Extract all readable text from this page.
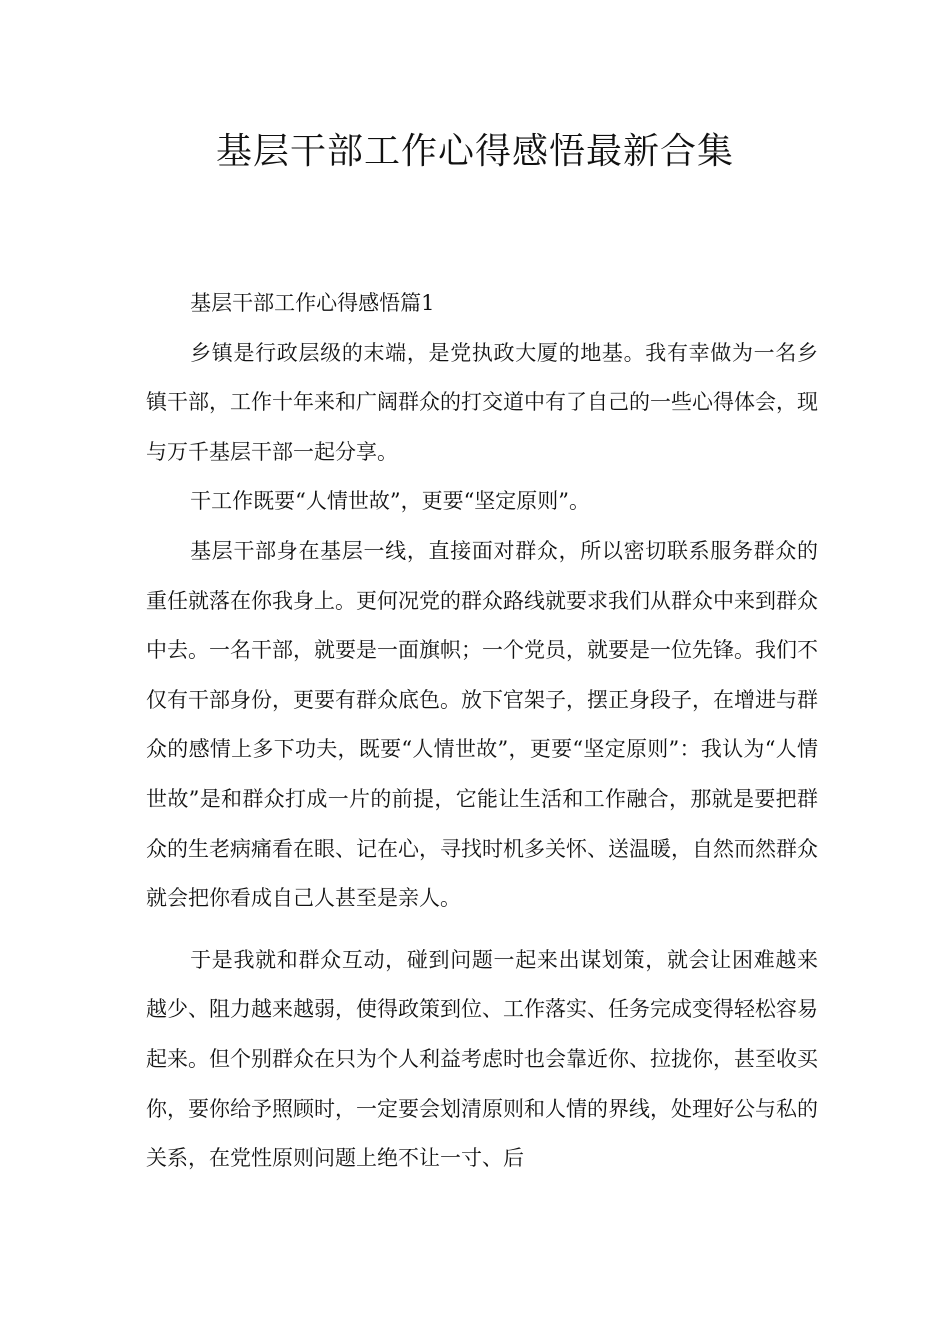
基层干部工作心得感悟最新合集

基层干部工作心得感悟篇1

乡镇是行政层级的末端，是党执政大厦的地基。我有幸做为一名乡镇干部，工作十年来和广阔群众的打交道中有了自己的一些心得体会，现与万千基层干部一起分享。

干工作既要“人情世故”，更要“坚定原则”。

基层干部身在基层一线，直接面对群众，所以密切联系服务群众的重任就落在你我身上。更何况党的群众路线就要求我们从群众中来到群众中去。一名干部，就要是一面旗帜；一个党员，就要是一位先锋。我们不仅有干部身份，更要有群众底色。放下官架子，摆正身段子，在增进与群众的感情上多下功夫，既要“人情世故”，更要“坚定原则”：我认为“人情世故”是和群众打成一片的前提，它能让生活和工作融合，那就是要把群众的生老病痛看在眼、记在心，寻找时机多关怀、送温暖，自然而然群众就会把你看成自己人甚至是亲人。

于是我就和群众互动，碰到问题一起来出谋划策，就会让困难越来越少、阻力越来越弱，使得政策到位、工作落实、任务完成变得轻松容易起来。但个别群众在只为个人利益考虑时也会靠近你、拉拢你，甚至收买你，要你给予照顾时，一定要会划清原则和人情的界线，处理好公与私的关系，在党性原则问题上绝不让一寸、后
